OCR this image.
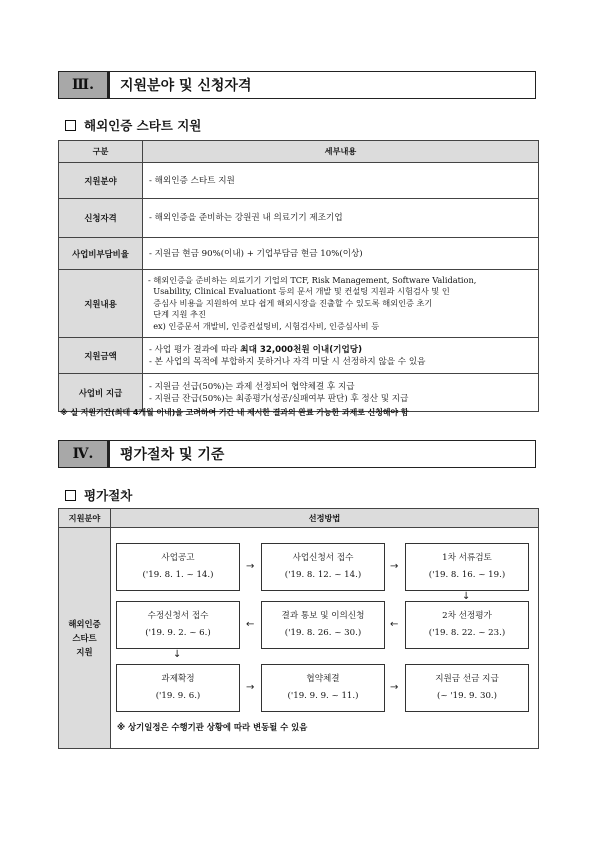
Ⅲ.	지원분야 및 신청자격
해외인증 스타트 지원
구분	세부내용
지원분야	- 해외인증 스타트 지원

신청자격	- 해외인증을 준비하는 강원권 내 의료기기 제조기업

사업비부담비율	- 지원금 현금 90%(이내) + 기업부담금 현금 10%(이상)

지원내용	- 해외인증을 준비하는 의료기기 기업의 TCF, Risk Management, Software Validation,
Usability, Clinical Evaluationt 등의 문서 개발 및 컨설팅 지원과 시험검사 및 인
증심사 비용을 지원하여 보다 쉽게 해외시장을 진출할 수 있도록 해외인증 초기
단계 지원 추진
ex) 인증문서 개발비, 인증컨설팅비, 시험검사비, 인증심사비 등

지원금액	- 사업 평가 결과에 따라 최대 32,000천원 이내(기업당)
- 본 사업의 목적에 부합하지 못하거나 자격 미달 시 선정하지 않을 수 있음

사업비 지급	- 지원금 선급(50%)는 과제 선정되어 협약체결 후 지급
- 지원금 잔급(50%)는 최종평가(성공/실패여부 판단) 후 정산 및 지급
※ 실 지원기간(최대 4개월 이내)을 고려하여 기간 내 제시한 결과의 완료 가능한 과제로 신청해야 함
Ⅳ.	평가절차 및 기준
평가절차
지원분야	선정방법

해외인증
스타트
지원	

사업공고
('19. 8. 1. ~ 14.)
→
사업신청서 접수
('19. 8. 12. ~ 14.)
→
1차 서류검토
('19. 8. 16. ~ 19.)
↓
수정신청서 접수
('19. 9. 2. ~ 6.)
←
결과 통보 및 이의신청
('19. 8. 26. ~ 30.)
←
2차 선정평가
('19. 8. 22. ~ 23.)
↓
과제확정
('19. 9. 6.)
→
협약체결
('19. 9. 9. ~ 11.)
→
지원금 선금 지급
(~ '19. 9. 30.)
※ 상기일정은 수행기관 상황에 따라 변동될 수 있음
